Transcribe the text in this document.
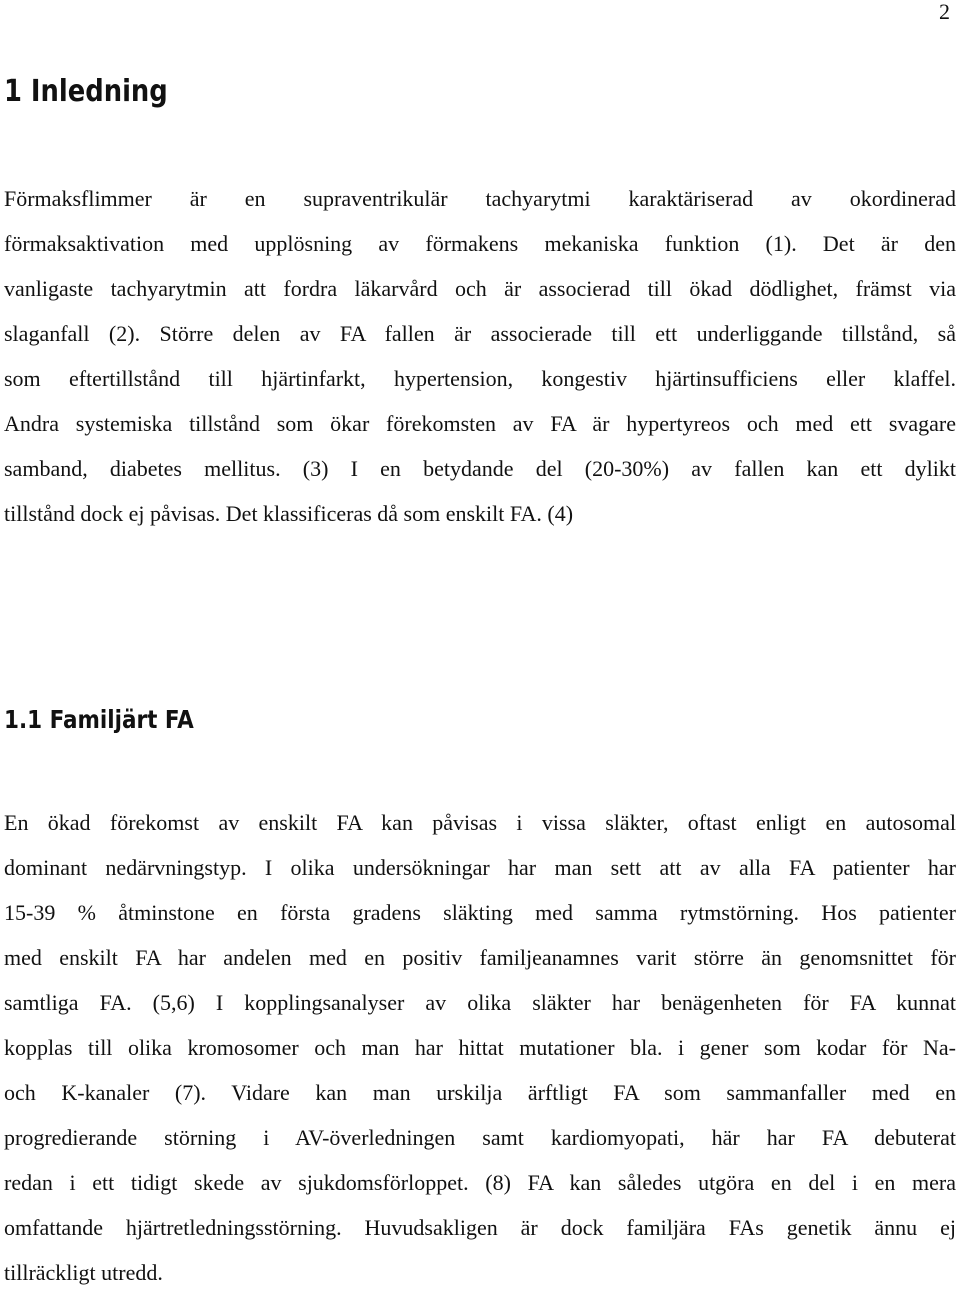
2
1 Inledning
Förmaksflimmer är en supraventrikulär tachyarytmi karaktäriserad av okordinerad
förmaksaktivation med upplösning av förmakens mekaniska funktion (1). Det är den
vanligaste tachyarytmin att fordra läkarvård och är associerad till ökad dödlighet, främst via
slaganfall (2). Större delen av FA fallen är associerade till ett underliggande tillstånd, så
som eftertillstånd till hjärtinfarkt, hypertension, kongestiv hjärtinsufficiens eller klaffel.
Andra systemiska tillstånd som ökar förekomsten av FA är hypertyreos och med ett svagare
samband, diabetes mellitus. (3) I en betydande del (20-30%) av fallen kan ett dylikt
tillstånd dock ej påvisas. Det klassificeras då som enskilt FA. (4)
1.1 Familjärt FA
En ökad förekomst av enskilt FA kan påvisas i vissa släkter, oftast enligt en autosomal
dominant nedärvningstyp. I olika undersökningar har man sett att av alla FA patienter har
15-39 % åtminstone en första gradens släkting med samma rytmstörning. Hos patienter
med enskilt FA har andelen med en positiv familjeanamnes varit större än genomsnittet för
samtliga FA. (5,6) I kopplingsanalyser av olika släkter har benägenheten för FA kunnat
kopplas till olika kromosomer och man har hittat mutationer bla. i gener som kodar för Na-
och K-kanaler (7). Vidare kan man urskilja ärftligt FA som sammanfaller med en
progredierande störning i AV-överledningen samt kardiomyopati, här har FA debuterat
redan i ett tidigt skede av sjukdomsförloppet. (8) FA kan således utgöra en del i en mera
omfattande hjärtretledningsstörning. Huvudsakligen är dock familjära FAs genetik ännu ej
tillräckligt utredd.
